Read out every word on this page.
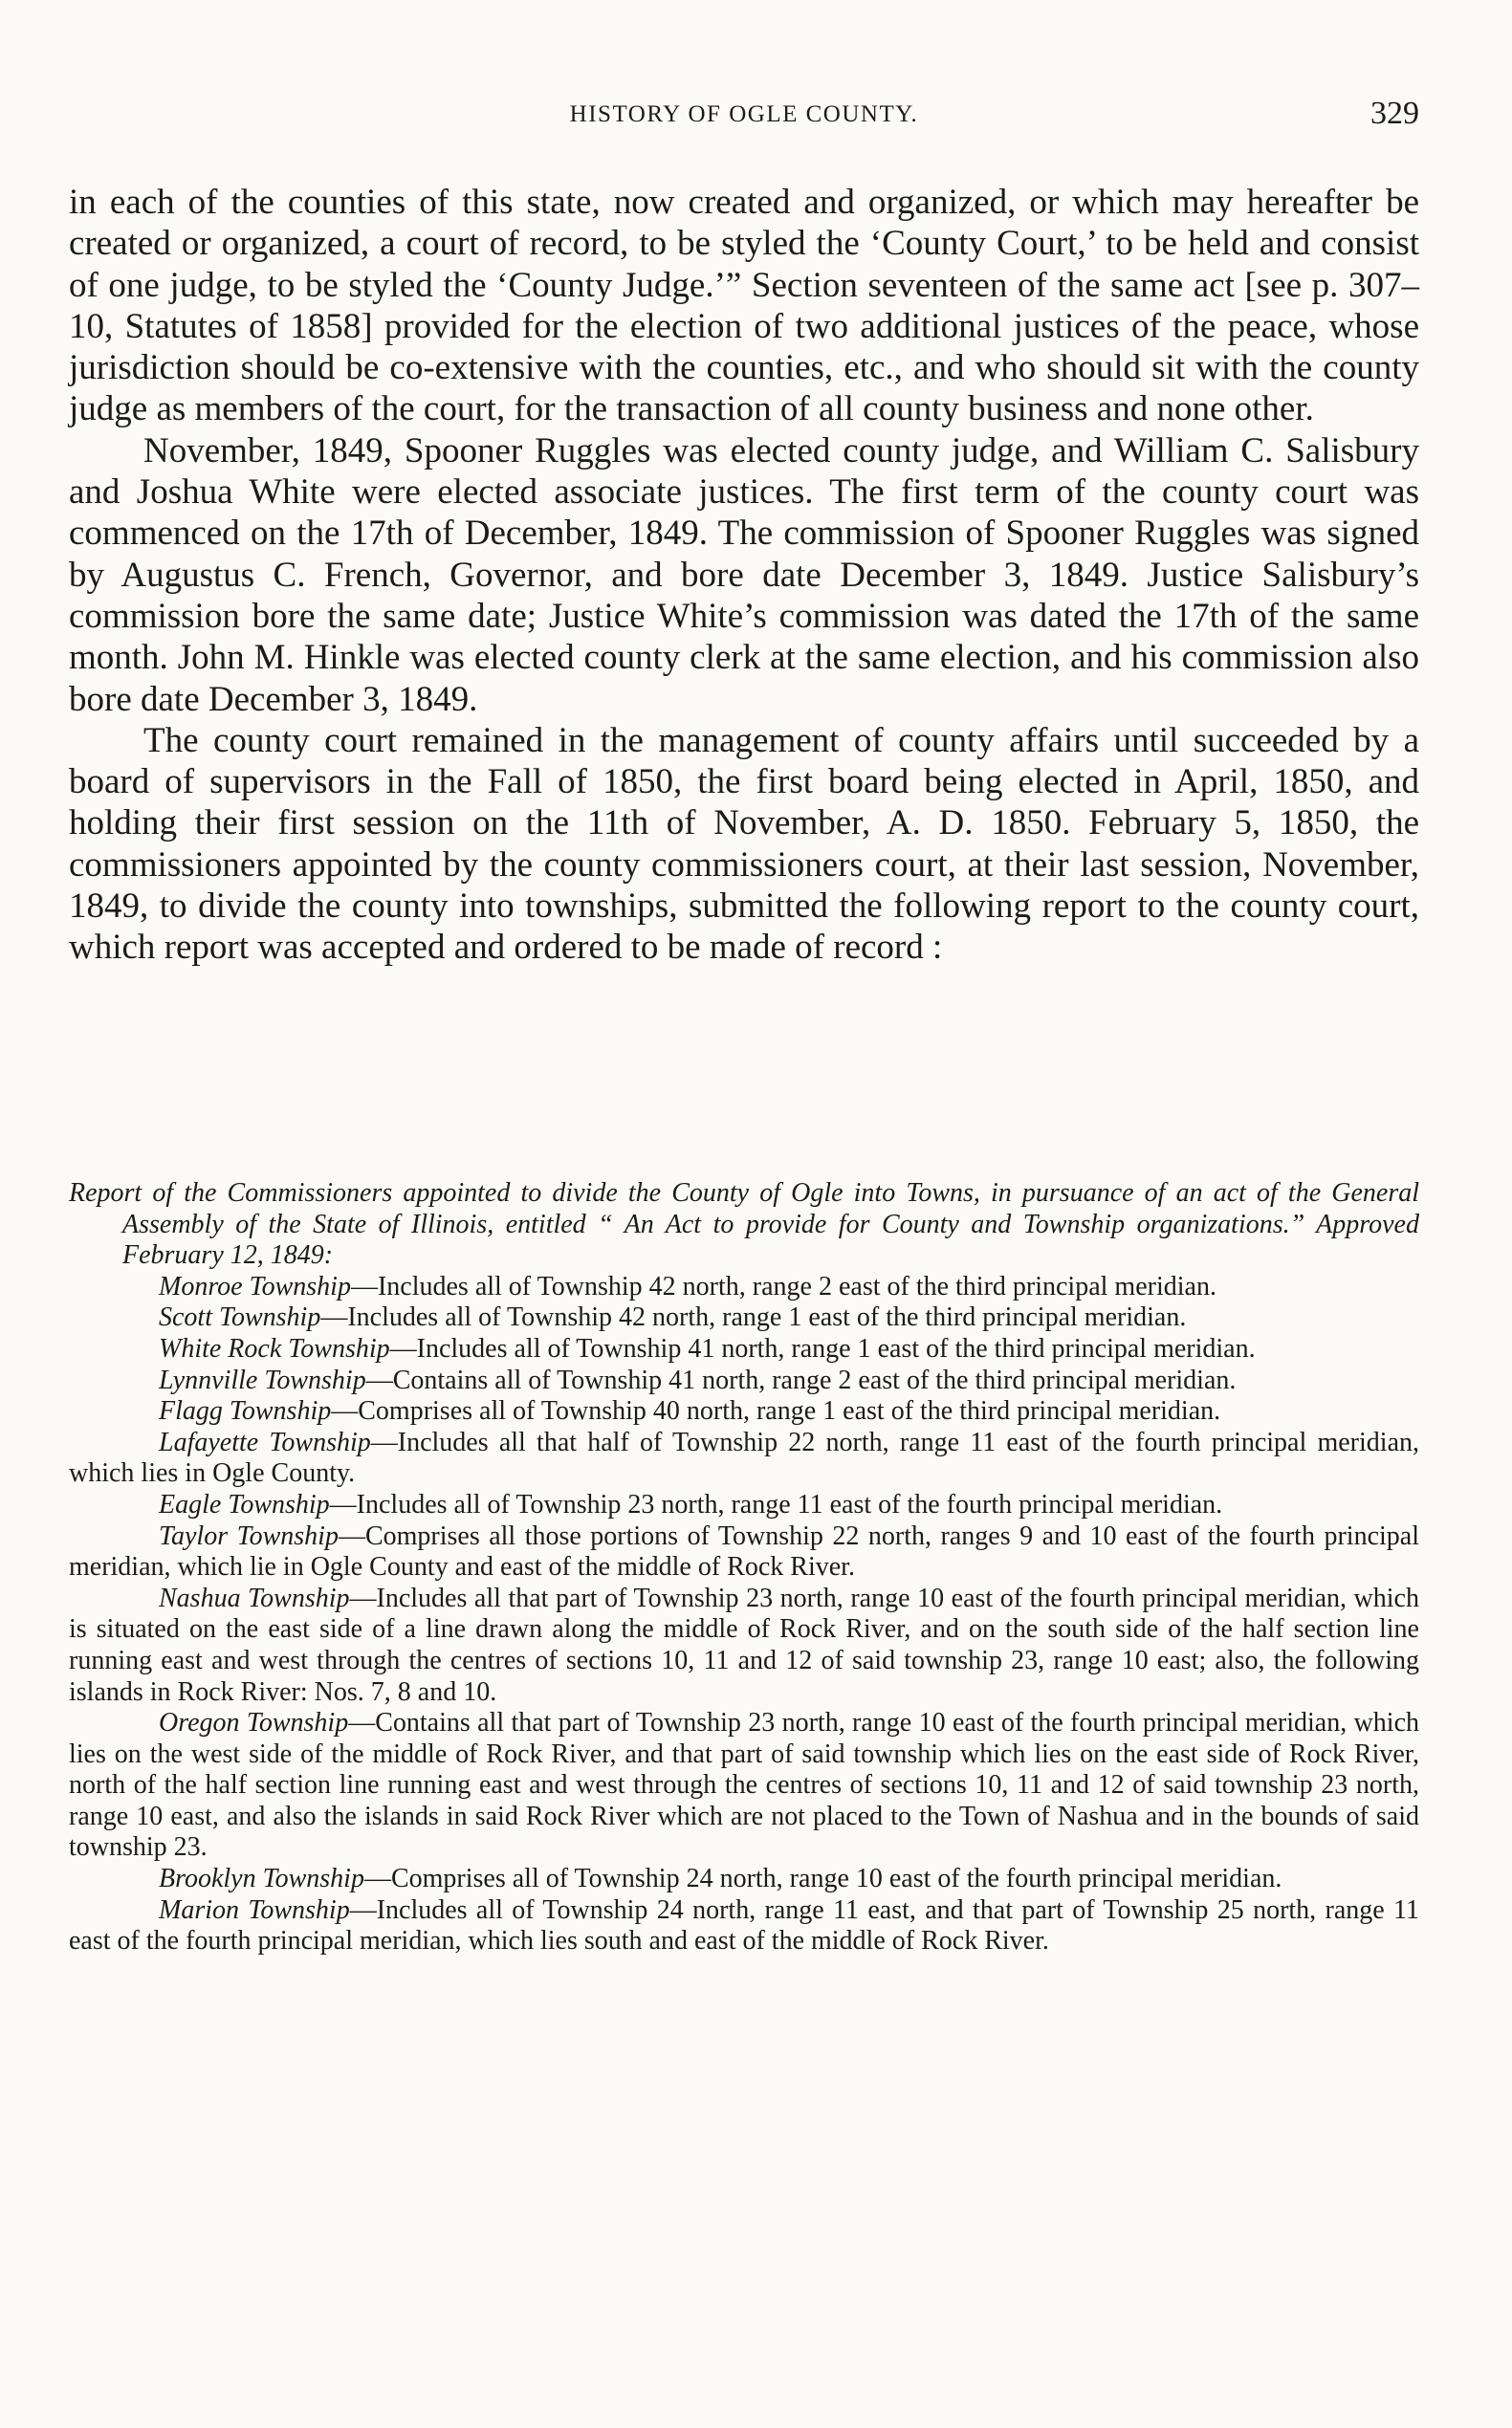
HISTORY OF OGLE COUNTY.	329

in each of the counties of this state, now created and organized, or which may hereafter be created or organized, a court of record, to be styled the ‘County Court,’ to be held and consist of one judge, to be styled the ‘County Judge.’” Section seventeen of the same act [see p. 307–10, Statutes of 1858] provided for the election of two additional justices of the peace, whose jurisdiction should be co-extensive with the counties, etc., and who should sit with the county judge as members of the court, for the transaction of all county business and none other.

November, 1849, Spooner Ruggles was elected county judge, and William C. Salisbury and Joshua White were elected associate justices. The first term of the county court was commenced on the 17th of December, 1849. The commission of Spooner Ruggles was signed by Augustus C. French, Governor, and bore date December 3, 1849. Justice Salisbury’s commission bore the same date; Justice White’s commission was dated the 17th of the same month. John M. Hinkle was elected county clerk at the same election, and his commission also bore date December 3, 1849.

The county court remained in the management of county affairs until succeeded by a board of supervisors in the Fall of 1850, the first board being elected in April, 1850, and holding their first session on the 11th of November, A. D. 1850. February 5, 1850, the commissioners appointed by the county commissioners court, at their last session, November, 1849, to divide the county into townships, submitted the following report to the county court, which report was accepted and ordered to be made of record :

Report of the Commissioners appointed to divide the County of Ogle into Towns, in pursuance of an act of the General Assembly of the State of Illinois, entitled “ An Act to provide for County and Township organizations.” Approved February 12, 1849:

Monroe Township—Includes all of Township 42 north, range 2 east of the third principal meridian.

Scott Township—Includes all of Township 42 north, range 1 east of the third principal meridian.

White Rock Township—Includes all of Township 41 north, range 1 east of the third principal meridian.

Lynnville Township—Contains all of Township 41 north, range 2 east of the third principal meridian.

Flagg Township—Comprises all of Township 40 north, range 1 east of the third principal meridian.

Lafayette Township—Includes all that half of Township 22 north, range 11 east of the fourth principal meridian, which lies in Ogle County.

Eagle Township—Includes all of Township 23 north, range 11 east of the fourth principal meridian.

Taylor Township—Comprises all those portions of Township 22 north, ranges 9 and 10 east of the fourth principal meridian, which lie in Ogle County and east of the middle of Rock River.

Nashua Township—Includes all that part of Township 23 north, range 10 east of the fourth principal meridian, which is situated on the east side of a line drawn along the middle of Rock River, and on the south side of the half section line running east and west through the centres of sections 10, 11 and 12 of said township 23, range 10 east; also, the following islands in Rock River: Nos. 7, 8 and 10.

Oregon Township—Contains all that part of Township 23 north, range 10 east of the fourth principal meridian, which lies on the west side of the middle of Rock River, and that part of said township which lies on the east side of Rock River, north of the half section line running east and west through the centres of sections 10, 11 and 12 of said township 23 north, range 10 east, and also the islands in said Rock River which are not placed to the Town of Nashua and in the bounds of said township 23.

Brooklyn Township—Comprises all of Township 24 north, range 10 east of the fourth principal meridian.

Marion Township—Includes all of Township 24 north, range 11 east, and that part of Township 25 north, range 11 east of the fourth principal meridian, which lies south and east of the middle of Rock River.
